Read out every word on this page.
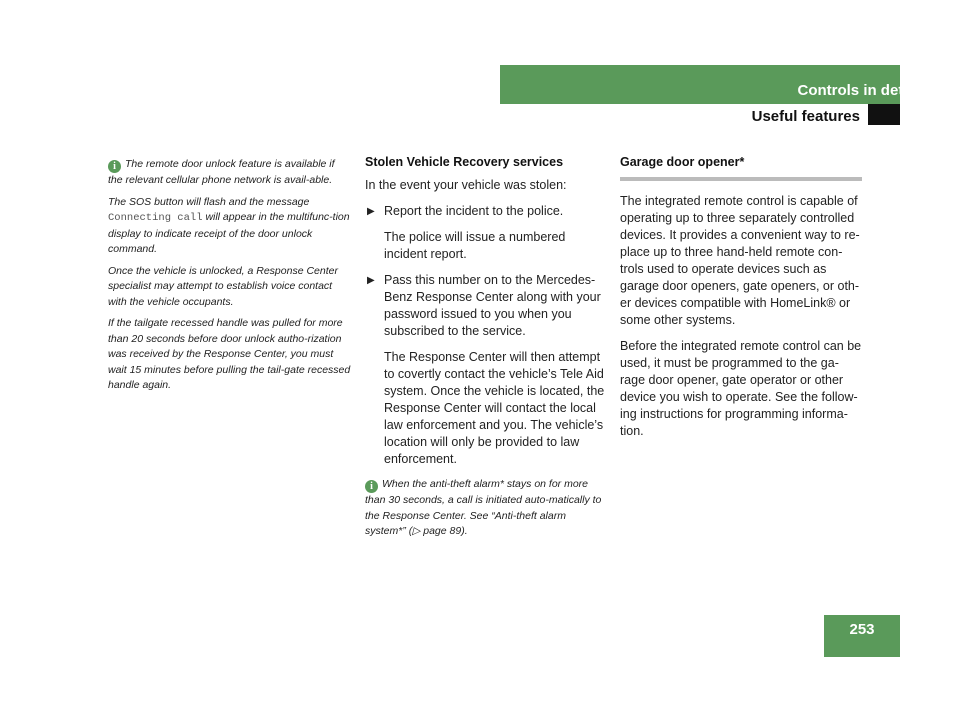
Controls in detail
Useful features

i The remote door unlock feature is available if the relevant cellular phone network is avail-able.

The SOS button will flash and the message Connecting call will appear in the multifunc-tion display to indicate receipt of the door unlock command.

Once the vehicle is unlocked, a Response Center specialist may attempt to establish voice contact with the vehicle occupants.

If the tailgate recessed handle was pulled for more than 20 seconds before door unlock autho-rization was received by the Response Center, you must wait 15 minutes before pulling the tail-gate recessed handle again.

Stolen Vehicle Recovery services

In the event your vehicle was stolen:

▶ Report the incident to the police.

The police will issue a numbered incident report.

▶ Pass this number on to the Mercedes-Benz Response Center along with your password issued to you when you subscribed to the service.

The Response Center will then attempt to covertly contact the vehicle’s Tele Aid system. Once the vehicle is located, the Response Center will contact the local law enforcement and you. The vehicle’s location will only be provided to law enforcement.

i When the anti-theft alarm* stays on for more than 30 seconds, a call is initiated auto-matically to the Response Center. See “Anti-theft alarm system*” (▷ page 89).

Garage door opener*

The integrated remote control is capable of operating up to three separately controlled devices. It provides a convenient way to re-place up to three hand-held remote con-trols used to operate devices such as garage door openers, gate openers, or oth-er devices compatible with HomeLink® or some other systems.

Before the integrated remote control can be used, it must be programmed to the ga-rage door opener, gate operator or other device you wish to operate. See the follow-ing instructions for programming informa-tion.

253
